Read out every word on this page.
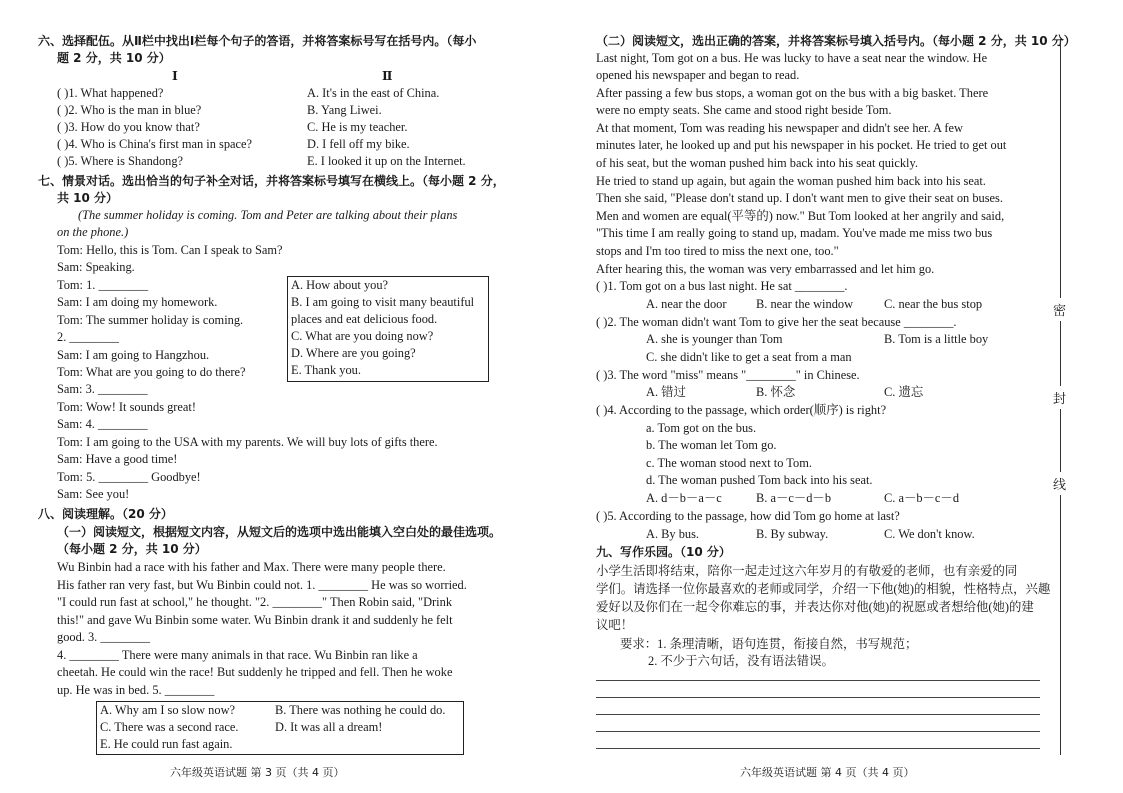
六、选择配伍。从Ⅱ栏中找出Ⅰ栏每个句子的答语，并将答案标号写在括号内。（每小
题 2 分，共 10 分）
Ⅰ	Ⅱ
( )1. What happened?	A. It's in the east of China.
( )2. Who is the man in blue?	B. Yang Liwei.
( )3. How do you know that?	C. He is my teacher.
( )4. Who is China's first man in space?	D. I fell off my bike.
( )5. Where is Shandong?	E. I looked it up on the Internet.
七、情景对话。选出恰当的句子补全对话，并将答案标号填写在横线上。（每小题 2 分，
共 10 分）
(The summer holiday is coming. Tom and Peter are talking about their plans
on the phone.)
Tom: Hello, this is Tom. Can I speak to Sam?
Sam: Speaking.
Tom: 1. ________
Sam: I am doing my homework.
Tom: The summer holiday is coming.
2. ________
Sam: I am going to Hangzhou.
Tom: What are you going to do there?
Sam: 3. ________
Tom: Wow! It sounds great!
Sam: 4. ________
Tom: I am going to the USA with my parents. We will buy lots of gifts there.
Sam: Have a good time!
Tom: 5. ________ Goodbye!
Sam: See you!
A. How about you?
B. I am going to visit many beautiful
places and eat delicious food.
C. What are you doing now?
D. Where are you going?
E. Thank you.
八、阅读理解。（20 分）
（一）阅读短文，根据短文内容，从短文后的选项中选出能填入空白处的最佳选项。
（每小题 2 分，共 10 分）
Wu Binbin had a race with his father and Max. There were many people there.
His father ran very fast, but Wu Binbin could not. 1. ________ He was so worried.
"I could run fast at school," he thought. "2. ________" Then Robin said, "Drink
this!" and gave Wu Binbin some water. Wu Binbin drank it and suddenly he felt
good. 3. ________
4. ________ There were many animals in that race. Wu Binbin ran like a
cheetah. He could win the race! But suddenly he tripped and fell. Then he woke
up. He was in bed. 5. ________
A. Why am I so slow now?	B. There was nothing he could do.
C. There was a second race.	D. It was all a dream!
E. He could run fast again.
六年级英语试题 第 3 页（共 4 页）
（二）阅读短文，选出正确的答案，并将答案标号填入括号内。（每小题 2 分，共 10 分）
Last night, Tom got on a bus. He was lucky to have a seat near the window. He
opened his newspaper and began to read.
After passing a few bus stops, a woman got on the bus with a big basket. There
were no empty seats. She came and stood right beside Tom.
At that moment, Tom was reading his newspaper and didn't see her. A few
minutes later, he looked up and put his newspaper in his pocket. He tried to get out
of his seat, but the woman pushed him back into his seat quickly.
He tried to stand up again, but again the woman pushed him back into his seat.
Then she said, "Please don't stand up. I don't want men to give their seat on buses.
Men and women are equal(平等的) now." But Tom looked at her angrily and said,
"This time I am really going to stand up, madam. You've made me miss two bus
stops and I'm too tired to miss the next one, too."
After hearing this, the woman was very embarrassed and let him go.
( )1. Tom got on a bus last night. He sat ________.
A. near the door B. near the window C. near the bus stop
( )2. The woman didn't want Tom to give her the seat because ________.
A. she is younger than Tom	B. Tom is a little boy
C. she didn't like to get a seat from a man
( )3. The word "miss" means "________" in Chinese.
A. 错过	B. 怀念	C. 遗忘
( )4. According to the passage, which order(顺序) is right?
a. Tom got on the bus.
b. The woman let Tom go.
c. The woman stood next to Tom.
d. The woman pushed Tom back into his seat.
A. d－b－a－c	B. a－c－d－b	C. a－b－c－d
( )5. According to the passage, how did Tom go home at last?
A. By bus.	B. By subway.	C. We don't know.
九、写作乐园。（10 分）
小学生活即将结束，陪你一起走过这六年岁月的有敬爱的老师，也有亲爱的同
学们。请选择一位你最喜欢的老师或同学，介绍一下他(她)的相貌，性格特点，兴趣
爱好以及你们在一起令你难忘的事，并表达你对他(她)的祝愿或者想给他(她)的建
议吧！
要求：1. 条理清晰，语句连贯，衔接自然，书写规范；
2. 不少于六句话，没有语法错误。
密
封
线
六年级英语试题 第 4 页（共 4 页）
